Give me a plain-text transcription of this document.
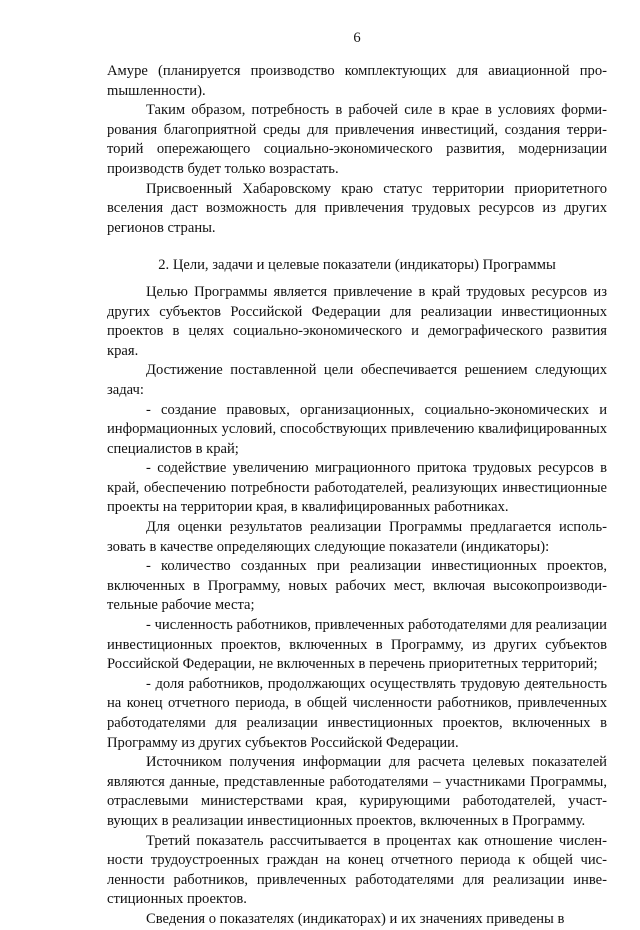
6

Амуре (планируется производство комплектующих для авиационной проmышленности).

Таким образом, потребность в рабочей силе в крае в условиях формирования благоприятной среды для привлечения инвестиций, создания территорий опережающего социально-экономического развития, модернизации производств будет только возрастать.

Присвоенный Хабаровскому краю статус территории приоритетного вселения даст возможность для привлечения трудовых ресурсов из других регионов страны.

2. Цели, задачи и целевые показатели (индикаторы) Программы

Целью Программы является привлечение в край трудовых ресурсов из других субъектов Российской Федерации для реализации инвестиционных проектов в целях социально-экономического и демографического развития края.

Достижение поставленной цели обеспечивается решением следующих задач:

- создание правовых, организационных, социально-экономических и информационных условий, способствующих привлечению квалифицированных специалистов в край;

- содействие увеличению миграционного притока трудовых ресурсов в край, обеспечению потребности работодателей, реализующих инвестиционные проекты на территории края, в квалифицированных работниках.

Для оценки результатов реализации Программы предлагается использовать в качестве определяющих следующие показатели (индикаторы):

- количество созданных при реализации инвестиционных проектов, включенных в Программу, новых рабочих мест, включая высокопроизводительные рабочие места;

- численность работников, привлеченных работодателями для реализации инвестиционных проектов, включенных в Программу, из других субъектов Российской Федерации, не включенных в перечень приоритетных территорий;

- доля работников, продолжающих осуществлять трудовую деятельность на конец отчетного периода, в общей численности работников, привлеченных работодателями для реализации инвестиционных проектов, включенных в Программу из других субъектов Российской Федерации.

Источником получения информации для расчета целевых показателей являются данные, представленные работодателями – участниками Программы, отраслевыми министерствами края, курирующими работодателей, участвующих в реализации инвестиционных проектов, включенных в Программу.

Третий показатель рассчитывается в процентах как отношение численности трудоустроенных граждан на конец отчетного периода к общей численности работников, привлеченных работодателями для реализации инвестиционных проектов.

Сведения о показателях (индикаторах) и их значениях приведены в
